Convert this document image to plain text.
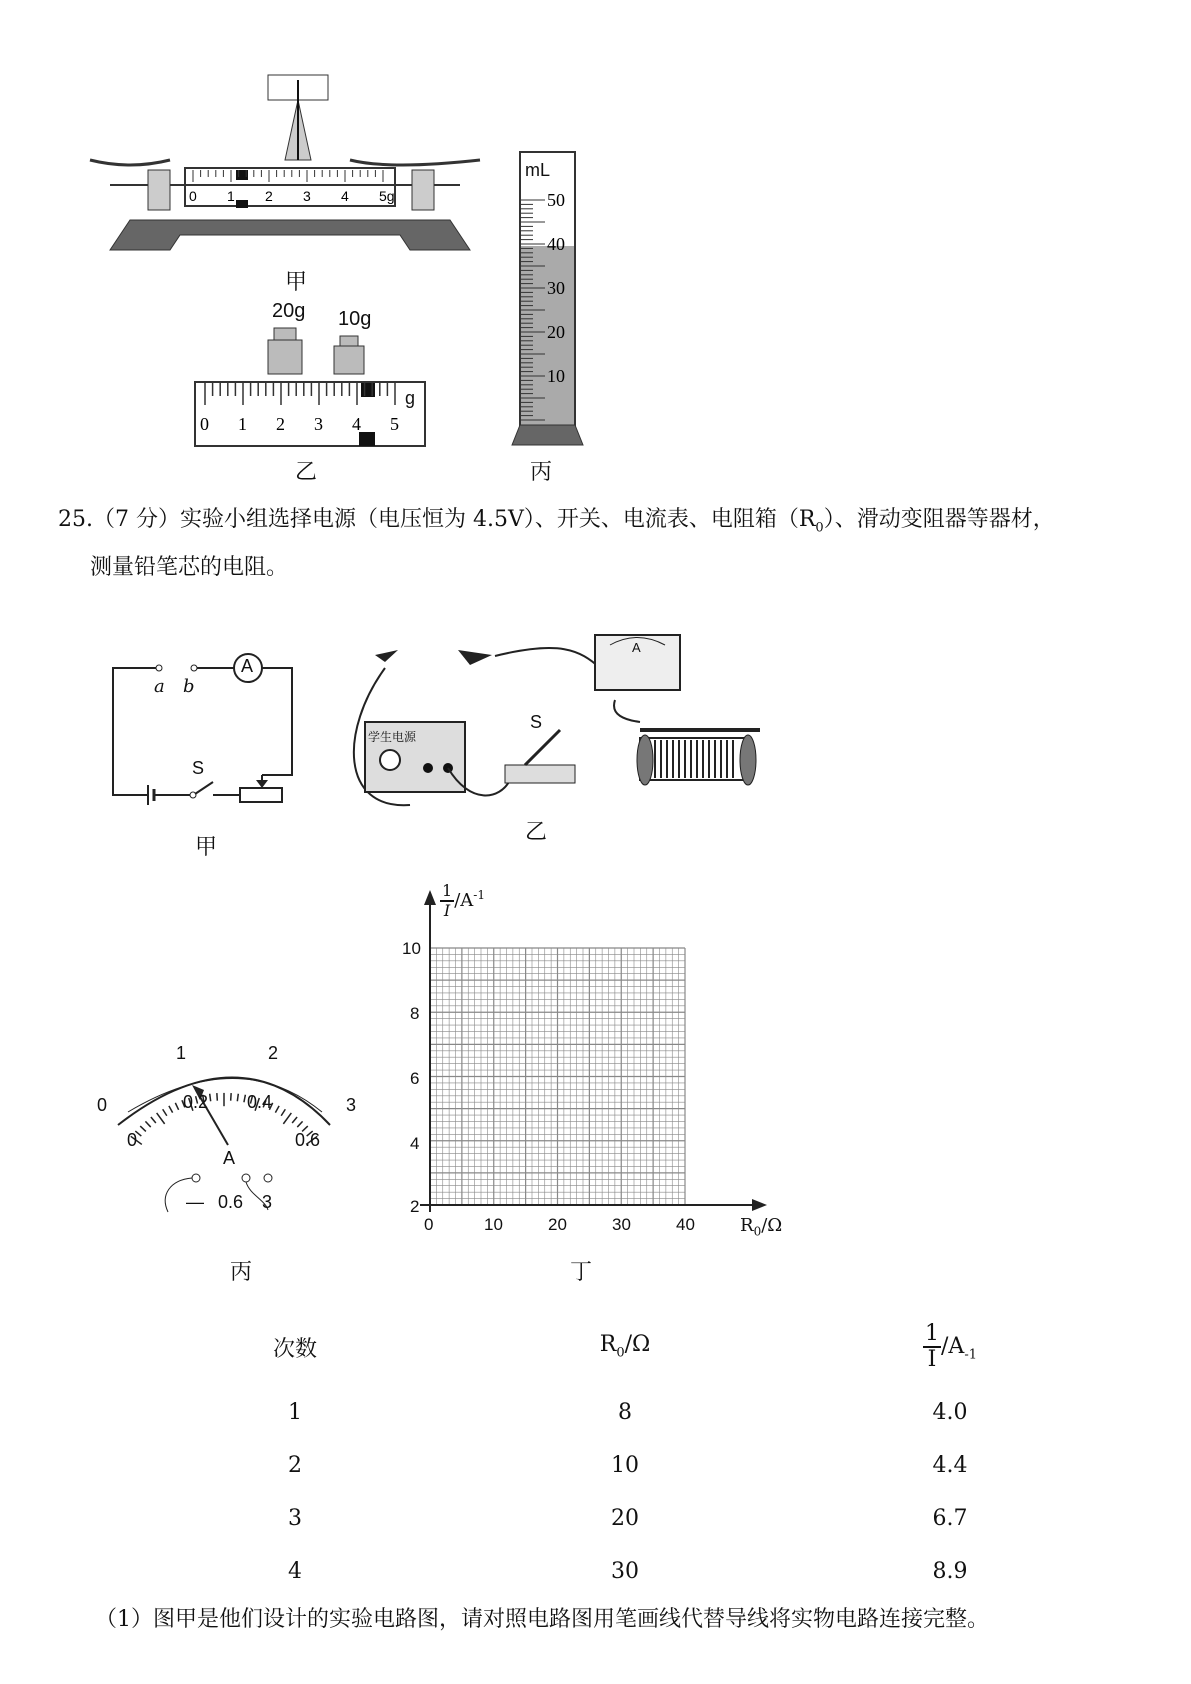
0 1 2 3 4 5g
甲
20g 10g
0 1 2 3 4 5
g
乙
50
40
30
20
10
mL
丙
25.（7 分）实验小组选择电源（电压恒为 4.5V）、开关、电流表、电阻箱$(R_0)$、滑动变阻器等器材，
测量铅笔芯的电阻。
A
a b
S
甲
学生电源
S
A
乙
0
1	2
3
0
0.2 0.4
0.6
A
— 0.6 3
丙
$\frac{1}{I} /A^{-1}$
10
8
6
4
2
0	10	20	30	40	$R_0/\Omega$
丁
次数	$R_0/\Omega$	$\frac{1}{I} /A_{-1}$
1	8	4.0
2	10	4.4
3	20	6.7
4	30	8.9
（1）图甲是他们设计的实验电路图，请对照电路图用笔画线代替导线将实物电路连接完整。
